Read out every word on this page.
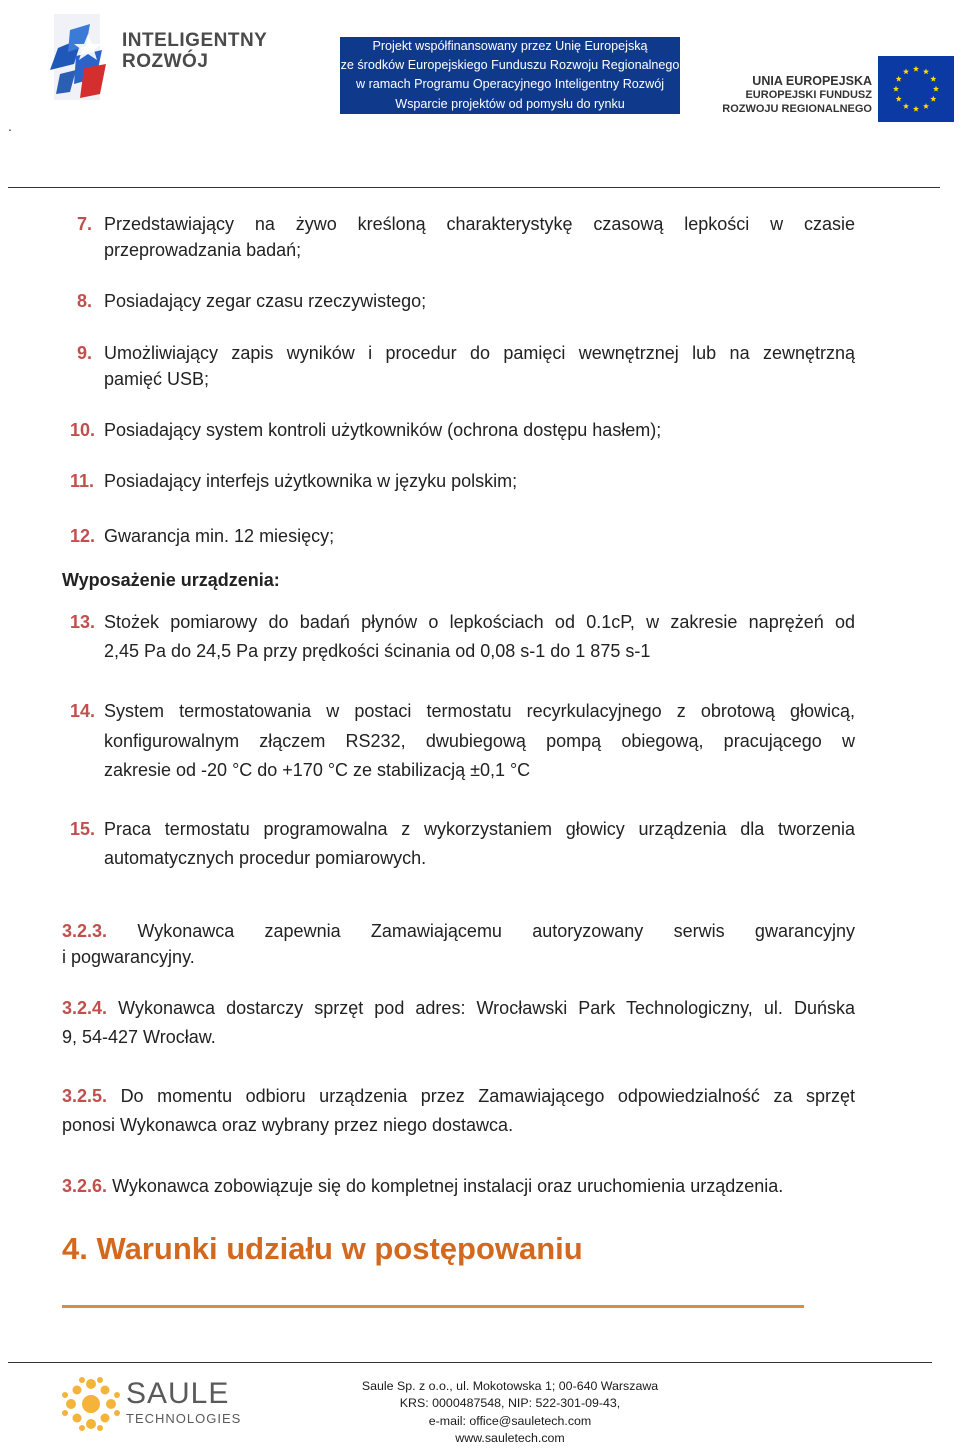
.
INTELIGENTNY
ROZWÓJ
Projekt współfinansowany przez Unię Europejską
ze środków Europejskiego Funduszu Rozwoju Regionalnego
w ramach Programu Operacyjnego Inteligentny Rozwój
Wsparcie projektów od pomysłu do rynku
UNIA EUROPEJSKA
EUROPEJSKI FUNDUSZ
ROZWOJU REGIONALNEGO
7. Przedstawiający na żywo kreśloną charakterystykę czasową lepkości w czasie
przeprowadzania badań;
8. Posiadający zegar czasu rzeczywistego;
9. Umożliwiający zapis wyników i procedur do pamięci wewnętrznej lub na zewnętrzną
pamięć USB;
10. Posiadający system kontroli użytkowników (ochrona dostępu hasłem);
11. Posiadający interfejs użytkownika w języku polskim;
12. Gwarancja min. 12 miesięcy;
Wyposażenie urządzenia:
13. Stożek pomiarowy do badań płynów o lepkościach od 0.1cP, w zakresie naprężeń od
2,45 Pa do 24,5 Pa przy prędkości ścinania od 0,08 s-1 do 1 875 s-1
14. System termostatowania w postaci termostatu recyrkulacyjnego z obrotową głowicą,
konfigurowalnym złączem RS232, dwubiegową pompą obiegową, pracującego w
zakresie od -20 °C do +170 °C ze stabilizacją ±0,1 °C
15. Praca termostatu programowalna z wykorzystaniem głowicy urządzenia dla tworzenia
automatycznych procedur pomiarowych.
3.2.3. Wykonawca zapewnia Zamawiającemu autoryzowany serwis gwarancyjny
i pogwarancyjny.
3.2.4. Wykonawca dostarczy sprzęt pod adres: Wrocławski Park Technologiczny, ul. Duńska
9, 54-427 Wrocław.
3.2.5. Do momentu odbioru urządzenia przez Zamawiającego odpowiedzialność za sprzęt
ponosi Wykonawca oraz wybrany przez niego dostawca.
3.2.6. Wykonawca zobowiązuje się do kompletnej instalacji oraz uruchomienia urządzenia.
4. Warunki udziału w postępowaniu
SAULE
TECHNOLOGIES
Saule Sp. z o.o., ul. Mokotowska 1; 00-640 Warszawa
KRS: 0000487548, NIP: 522-301-09-43,
e-mail: office@saule​tech.com
www.sauletech.com
